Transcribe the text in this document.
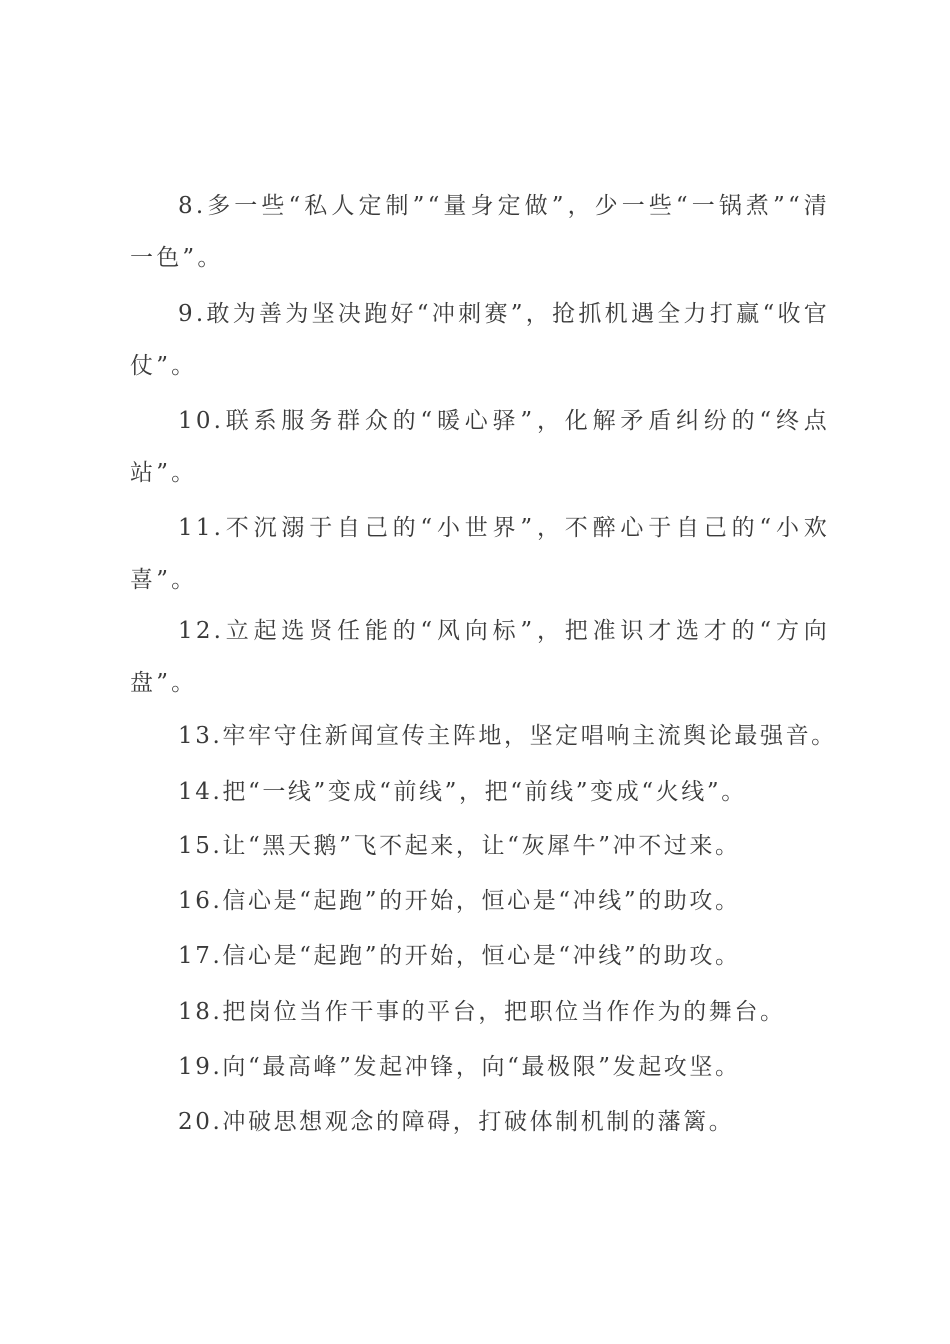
8.多一些“私人定制”“量身定做”，少一些“一锅煮”“清一色”。

9.敢为善为坚决跑好“冲刺赛”，抢抓机遇全力打赢“收官仗”。

10.联系服务群众的“暖心驿”，化解矛盾纠纷的“终点站”。

11.不沉溺于自己的“小世界”，不醉心于自己的“小欢喜”。

12.立起选贤任能的“风向标”，把准识才选才的“方向盘”。

13.牢牢守住新闻宣传主阵地，坚定唱响主流舆论最强音。

14.把“一线”变成“前线”，把“前线”变成“火线”。

15.让“黑天鹅”飞不起来，让“灰犀牛”冲不过来。

16.信心是“起跑”的开始，恒心是“冲线”的助攻。

17.信心是“起跑”的开始，恒心是“冲线”的助攻。

18.把岗位当作干事的平台，把职位当作作为的舞台。

19.向“最高峰”发起冲锋，向“最极限”发起攻坚。

20.冲破思想观念的障碍，打破体制机制的藩篱。
